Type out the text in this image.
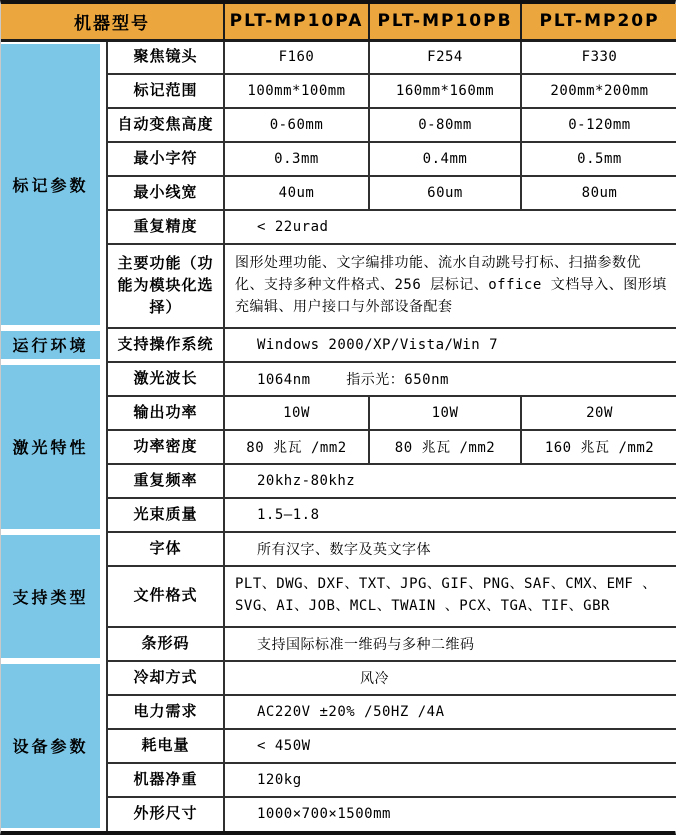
机器型号		PLT-MP10PA	PLT-MP10PB	PLT-MP20P
标记参数	聚焦镜头	F160	F254	F330
	标记范围	100mm*100mm	160mm*160mm	200mm*200mm
	自动变焦高度	0-60mm	0-80mm	0-120mm
	最小字符	0.3mm	0.4mm	0.5mm
	最小线宽	40um	60um	80um
	重复精度	< 22urad		
	主要功能（功能为模块化选择）	图形处理功能、文字编排功能、流水自动跳号打标、扫描参数优化、支持多种文件格式、256 层标记、office 文档导入、图形填充编辑、用户接口与外部设备配套		
运行环境	支持操作系统	Windows 2000/XP/Vista/Win 7		
激光特性	激光波长	1064nm    指示光：650nm		
	输出功率	10W	10W	20W
	功率密度	80 兆瓦 /mm2	80 兆瓦 /mm2	160 兆瓦 /mm2
	重复频率	20khz-80khz		
	光束质量	1.5—1.8		
支持类型	字体	所有汉字、数字及英文字体		
	文件格式	PLT、DWG、DXF、TXT、JPG、GIF、PNG、SAF、CMX、EMF 、SVG、AI、JOB、MCL、TWAIN 、PCX、TGA、TIF、GBR		
	条形码	支持国际标准一维码与多种二维码		
设备参数	冷却方式	风冷		
	电力需求	AC220V ±20% /50HZ /4A		
	耗电量	< 450W		
	机器净重	120kg		
	外形尺寸	1000×700×1500mm		
